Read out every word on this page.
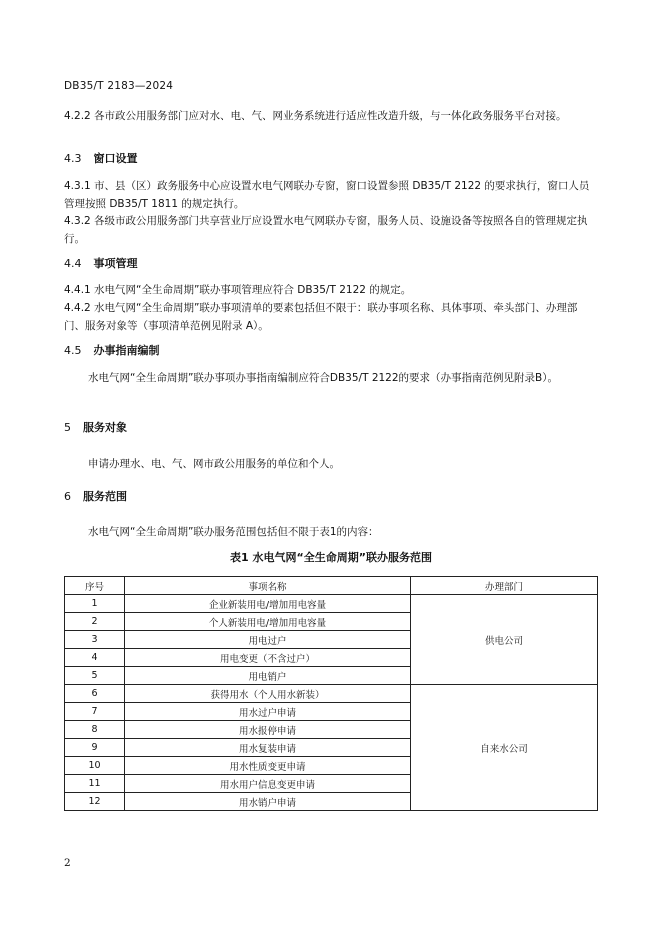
DB35/T 2183—2024

4.2.2 各市政公用服务部门应对水、电、气、网业务系统进行适应性改造升级，与一体化政务服务平台对接。

4.3 窗口设置

4.3.1 市、县（区）政务服务中心应设置水电气网联办专窗，窗口设置参照 DB35/T 2122 的要求执行，窗口人员管理按照 DB35/T 1811 的规定执行。

4.3.2 各级市政公用服务部门共享营业厅应设置水电气网联办专窗，服务人员、设施设备等按照各自的管理规定执行。

4.4 事项管理

4.4.1 水电气网“全生命周期”联办事项管理应符合 DB35/T 2122 的规定。

4.4.2 水电气网“全生命周期”联办事项清单的要素包括但不限于：联办事项名称、具体事项、牵头部门、办理部门、服务对象等（事项清单范例见附录 A）。

4.5 办事指南编制

水电气网“全生命周期”联办事项办事指南编制应符合DB35/T 2122的要求（办事指南范例见附录B）。

5 服务对象

申请办理水、电、气、网市政公用服务的单位和个人。

6 服务范围

水电气网“全生命周期”联办服务范围包括但不限于表1的内容：

表1 水电气网“全生命周期”联办服务范围
序号	事项名称	办理部门
1	企业新装用电/增加用电容量	供电公司
2	个人新装用电/增加用电容量	
3	用电过户	
4	用电变更（不含过户）	
5	用电销户	
6	获得用水（个人用水新装）	自来水公司
7	用水过户申请	
8	用水报停申请	
9	用水复装申请	
10	用水性质变更申请	
11	用水用户信息变更申请	
12	用水销户申请	
2
